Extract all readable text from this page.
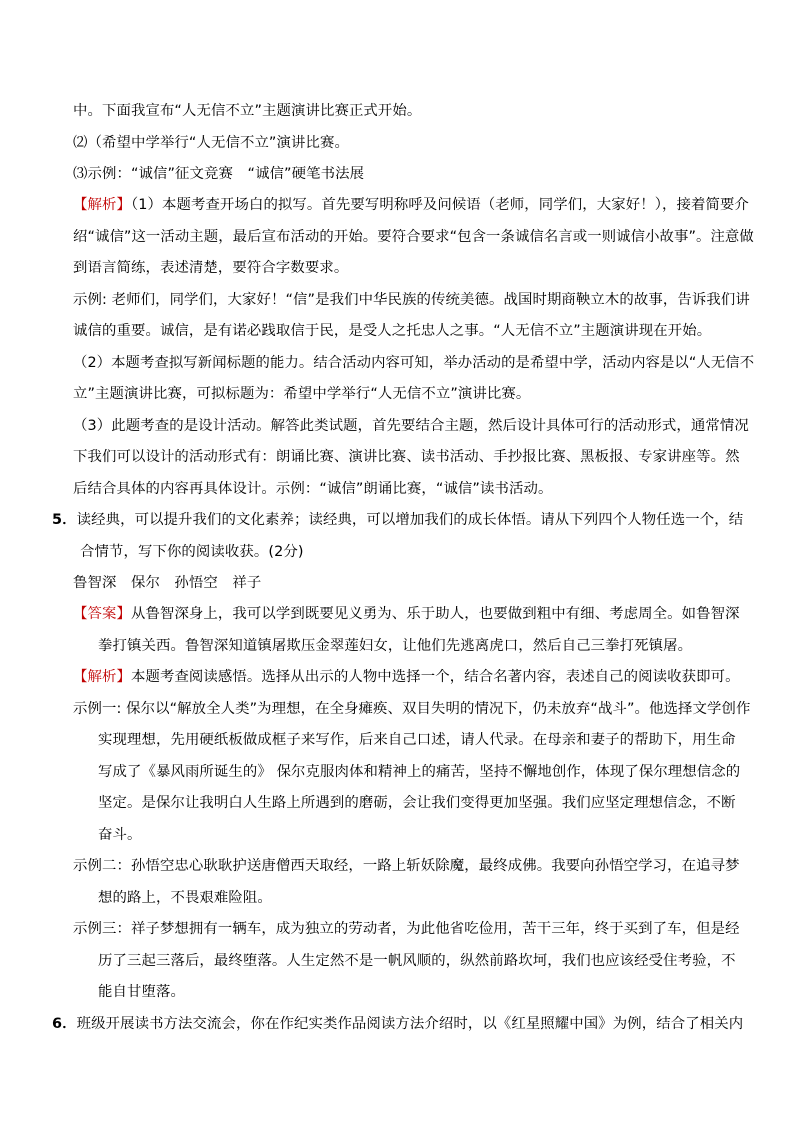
中。下面我宣布“人无信不立”主题演讲比赛正式开始。
⑵（希望中学举行“人无信不立”演讲比赛。
⑶示例：“诚信”征文竞赛　“诚信”硬笔书法展
【解析】（1）本题考查开场白的拟写。首先要写明称呼及问候语（老师，同学们，大家好！），接着简要介
绍“诚信”这一活动主题，最后宣布活动的开始。要符合要求“包含一条诚信名言或一则诚信小故事”。注意做
到语言简练，表述清楚，要符合字数要求。
示例: 老师们，同学们，大家好！“信”是我们中华民族的传统美德。战国时期商鞅立木的故事，告诉我们讲
诚信的重要。诚信，是有诺必践取信于民，是受人之托忠人之事。“人无信不立”主题演讲现在开始。
（2）本题考查拟写新闻标题的能力。结合活动内容可知，举办活动的是希望中学，活动内容是以“人无信不
立”主题演讲比赛，可拟标题为：希望中学举行“人无信不立”演讲比赛。
（3）此题考查的是设计活动。解答此类试题，首先要结合主题，然后设计具体可行的活动形式，通常情况
下我们可以设计的活动形式有：朗诵比赛、演讲比赛、读书活动、手抄报比赛、黑板报、专家讲座等。然
后结合具体的内容再具体设计。示例：“诚信”朗诵比赛，“诚信”读书活动。
5．读经典，可以提升我们的文化素养；读经典，可以增加我们的成长体悟。请从下列四个人物任选一个，结
合情节，写下你的阅读收获。(2分)
鲁智深　保尔　孙悟空　祥子
【答案】从鲁智深身上，我可以学到既要见义勇为、乐于助人，也要做到粗中有细、考虑周全。如鲁智深
拳打镇关西。鲁智深知道镇屠欺压金翠莲妇女，让他们先逃离虎口，然后自己三拳打死镇屠。
【解析】本题考查阅读感悟。选择从出示的人物中选择一个，结合名著内容，表述自己的阅读收获即可。
示例一: 保尔以“解放全人类”为理想，在全身瘫痪、双目失明的情况下，仍未放弃“战斗”。他选择文学创作
实现理想，先用硬纸板做成框子来写作，后来自己口述，请人代录。在母亲和妻子的帮助下，用生命
写成了《暴风雨所诞生的》 保尔克服肉体和精神上的痛苦，坚持不懈地创作，体现了保尔理想信念的
坚定。是保尔让我明白人生路上所遇到的磨砺，会让我们变得更加坚强。我们应坚定理想信念，不断
奋斗。
示例二：孙悟空忠心耿耿护送唐僧西天取经，一路上斩妖除魔，最终成佛。我要向孙悟空学习，在追寻梦
想的路上，不畏艰难险阻。
示例三：祥子梦想拥有一辆车，成为独立的劳动者，为此他省吃俭用，苦干三年，终于买到了车，但是经
历了三起三落后，最终堕落。人生定然不是一帆风顺的，纵然前路坎坷，我们也应该经受住考验，不
能自甘堕落。
6．班级开展读书方法交流会，你在作纪实类作品阅读方法介绍时，以《红星照耀中国》为例，结合了相关内
